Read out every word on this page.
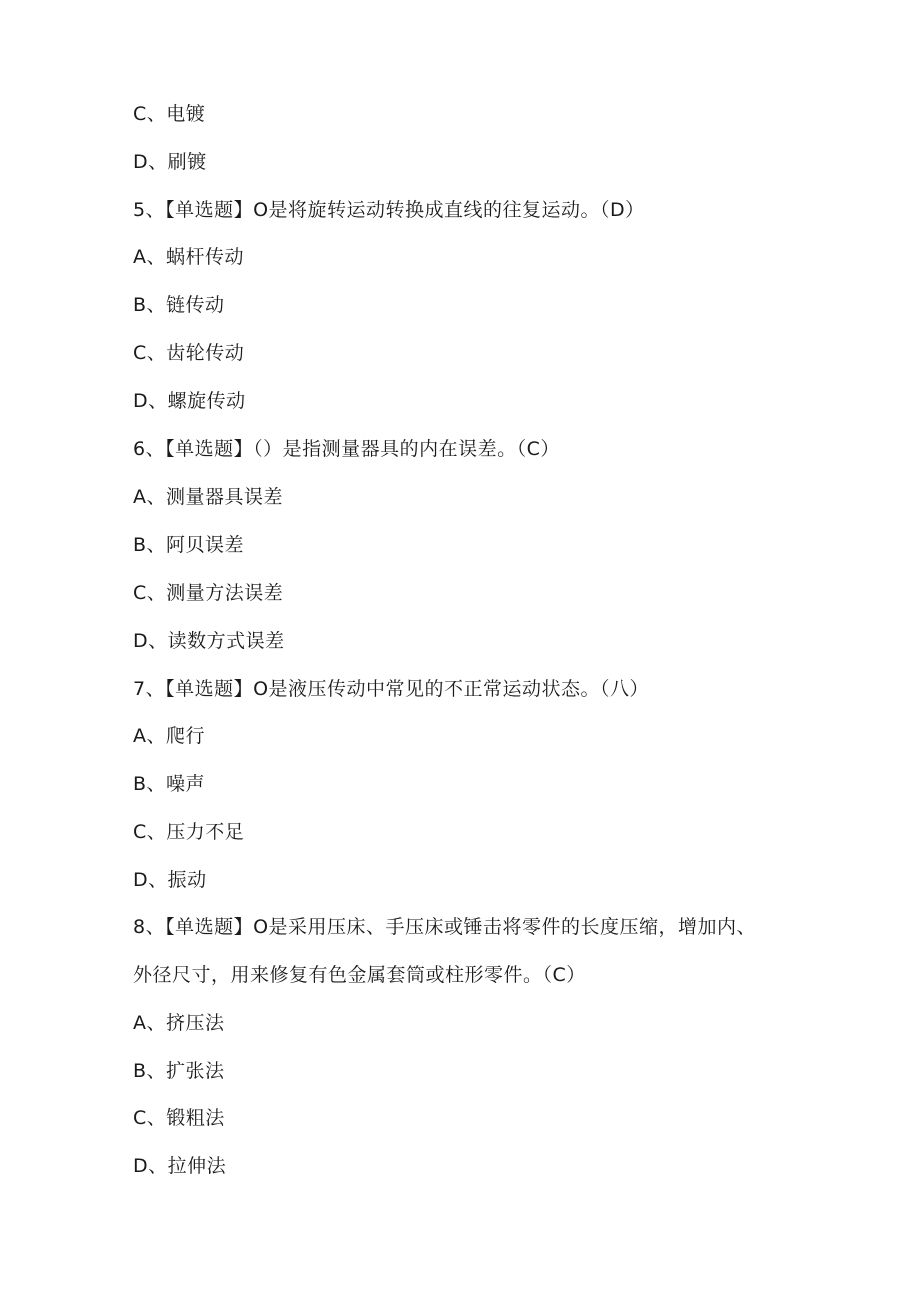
C、电镀
D、刷镀
5、【单选题】O是将旋转运动转换成直线的往复运动。（D）
A、蜗杆传动
B、链传动
C、齿轮传动
D、螺旋传动
6、【单选题】（）是指测量器具的内在误差。（C）
A、测量器具误差
B、阿贝误差
C、测量方法误差
D、读数方式误差
7、【单选题】O是液压传动中常见的不正常运动状态。（八）
A、爬行
B、噪声
C、压力不足
D、振动
8、【单选题】O是采用压床、手压床或锤击将零件的长度压缩，增加内、
外径尺寸，用来修复有色金属套筒或柱形零件。（C）
A、挤压法
B、扩张法
C、锻粗法
D、拉伸法
